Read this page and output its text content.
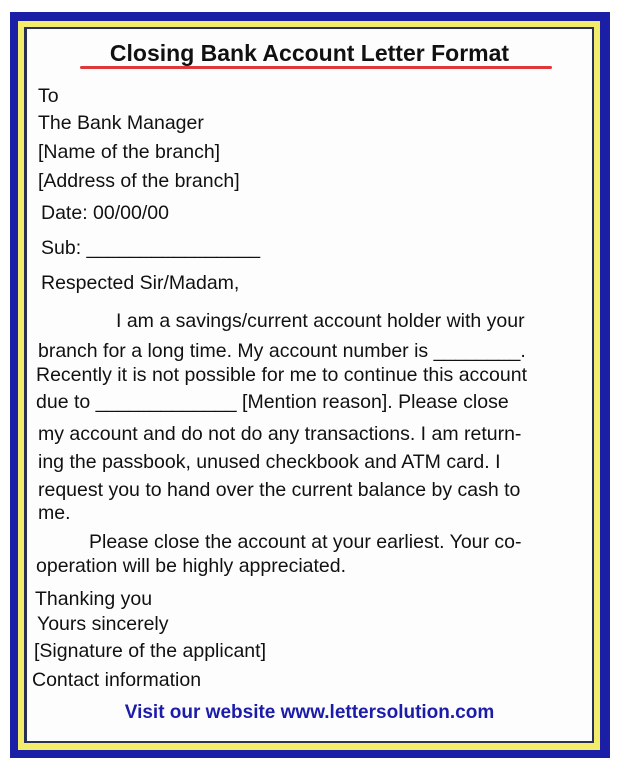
Closing Bank Account Letter Format
To
The Bank Manager
[Name of the branch]
[Address of the branch]
Date: 00/00/00
Sub: ________________
Respected Sir/Madam,
I am a savings/current account holder with your
branch for a long time. My account number is ________.
Recently it is not possible for me to continue this account
due to _____________ [Mention reason]. Please close
my account and do not do any transactions. I am return-
ing the passbook, unused checkbook and ATM card. I
request you to hand over the current balance by cash to
me.
Please close the account at your earliest. Your co-
operation will be highly appreciated.
Thanking you
Yours sincerely
[Signature of the applicant]
Contact information
Visit our website www.lettersolution.com
